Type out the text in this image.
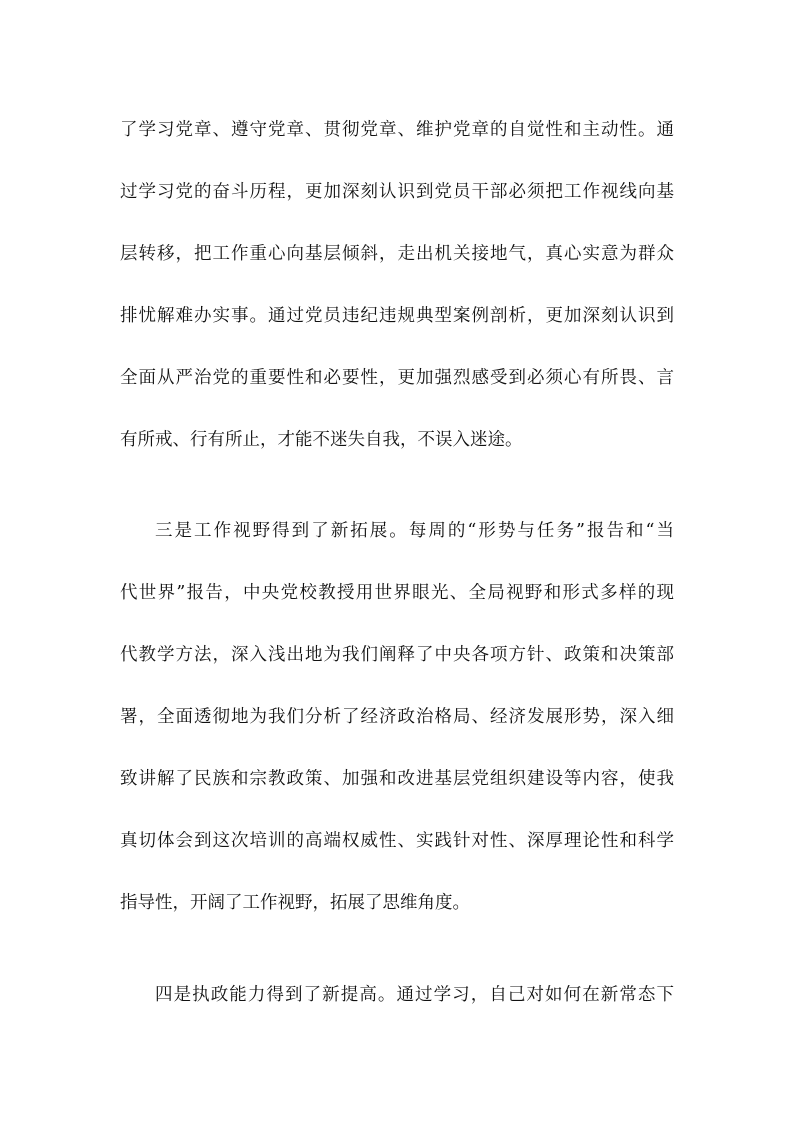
了学习党章、遵守党章、贯彻党章、维护党章的自觉性和主动性。通
过学习党的奋斗历程，更加深刻认识到党员干部必须把工作视线向基
层转移，把工作重心向基层倾斜，走出机关接地气，真心实意为群众
排忧解难办实事。通过党员违纪违规典型案例剖析，更加深刻认识到
全面从严治党的重要性和必要性，更加强烈感受到必须心有所畏、言
有所戒、行有所止，才能不迷失自我，不误入迷途。
三是工作视野得到了新拓展。每周的“形势与任务”报告和“当
代世界”报告，中央党校教授用世界眼光、全局视野和形式多样的现
代教学方法，深入浅出地为我们阐释了中央各项方针、政策和决策部
署，全面透彻地为我们分析了经济政治格局、经济发展形势，深入细
致讲解了民族和宗教政策、加强和改进基层党组织建设等内容，使我
真切体会到这次培训的高端权威性、实践针对性、深厚理论性和科学
指导性，开阔了工作视野，拓展了思维角度。
四是执政能力得到了新提高。通过学习，自己对如何在新常态下
